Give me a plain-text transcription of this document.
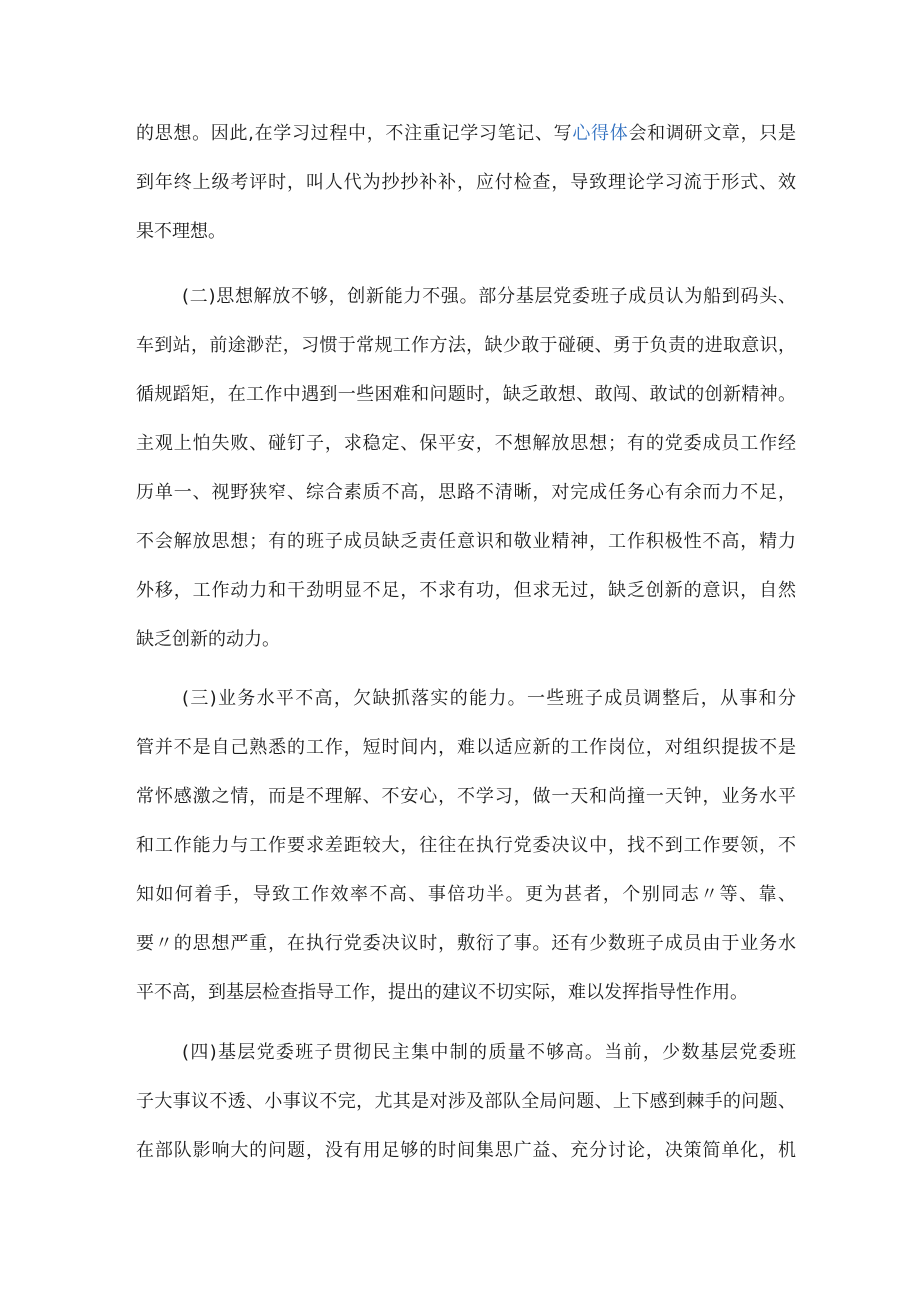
的思想。因此,在学习过程中，不注重记学习笔记、写心得体会和调研文章，只是
到年终上级考评时，叫人代为抄抄补补，应付检查，导致理论学习流于形式、效
果不理想。
(二)思想解放不够，创新能力不强。部分基层党委班子成员认为船到码头、
车到站，前途渺茫，习惯于常规工作方法，缺少敢于碰硬、勇于负责的进取意识，
循规蹈矩，在工作中遇到一些困难和问题时，缺乏敢想、敢闯、敢试的创新精神。
主观上怕失败、碰钉子，求稳定、保平安，不想解放思想；有的党委成员工作经
历单一、视野狭窄、综合素质不高，思路不清晰，对完成任务心有余而力不足，
不会解放思想；有的班子成员缺乏责任意识和敬业精神，工作积极性不高，精力
外移，工作动力和干劲明显不足，不求有功，但求无过，缺乏创新的意识，自然
缺乏创新的动力。
(三)业务水平不高，欠缺抓落实的能力。一些班子成员调整后，从事和分
管并不是自己熟悉的工作，短时间内，难以适应新的工作岗位，对组织提拔不是
常怀感激之情，而是不理解、不安心，不学习，做一天和尚撞一天钟，业务水平
和工作能力与工作要求差距较大，往往在执行党委决议中，找不到工作要领，不
知如何着手，导致工作效率不高、事倍功半。更为甚者，个别同志〃等、靠、
要〃的思想严重，在执行党委决议时，敷衍了事。还有少数班子成员由于业务水
平不高，到基层检查指导工作，提出的建议不切实际，难以发挥指导性作用。
(四)基层党委班子贯彻民主集中制的质量不够高。当前，少数基层党委班
子大事议不透、小事议不完，尤其是对涉及部队全局问题、上下感到棘手的问题、
在部队影响大的问题，没有用足够的时间集思广益、充分讨论，决策简单化，机
